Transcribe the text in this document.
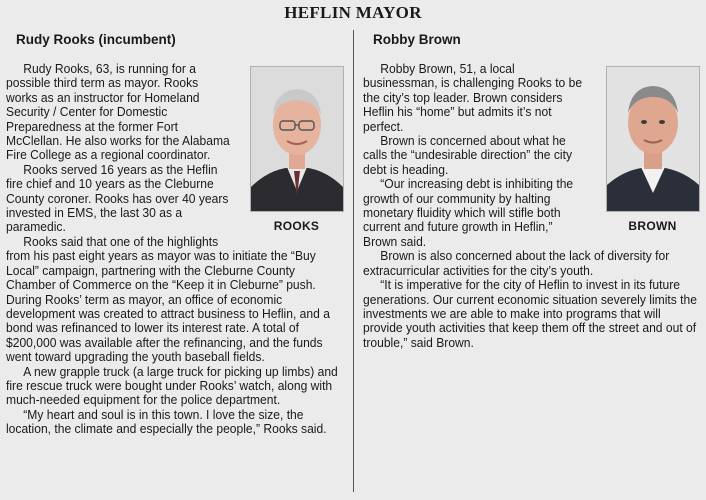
HEFLIN MAYOR
Rudy Rooks (incumbent)
ROOKS

Rudy Rooks, 63, is running for a possible third term as mayor. Rooks works as an instructor for Homeland Security / Center for Domestic Preparedness at the former Fort McClellan. He also works for the Alabama Fire College as a regional coordinator.

Rooks served 16 years as the Heflin fire chief and 10 years as the Cleburne County coroner. Rooks has over 40 years invested in EMS, the last 30 as a paramedic.

Rooks said that one of the highlights from his past eight years as mayor was to initiate the “Buy Local” campaign, partnering with the Cleburne County Chamber of Commerce on the “Keep it in Cleburne” push. During Rooks’ term as mayor, an office of economic development was created to attract business to Heflin, and a bond was refinanced to lower its interest rate. A total of $200,000 was available after the refinancing, and the funds went toward upgrading the youth baseball fields.

A new grapple truck (a large truck for picking up limbs) and fire rescue truck were bought under Rooks’ watch, along with much-needed equipment for the police department.

“My heart and soul is in this town. I love the size, the location, the climate and especially the people,” Rooks said.

Robby Brown
BROWN

Robby Brown, 51, a local businessman, is challenging Rooks to be the city’s top leader. Brown considers Heflin his “home” but admits it’s not perfect.

Brown is concerned about what he calls the “undesirable direction” the city debt is heading.

“Our increasing debt is inhibiting the growth of our community by halting monetary fluidity which will stifle both current and future growth in Heflin,” Brown said.

Brown is also concerned about the lack of diversity for extracurricular activities for the city’s youth.

“It is imperative for the city of Heflin to invest in its future generations. Our current economic situation severely limits the investments we are able to make into programs that will provide youth activities that keep them off the street and out of trouble,” said Brown.
